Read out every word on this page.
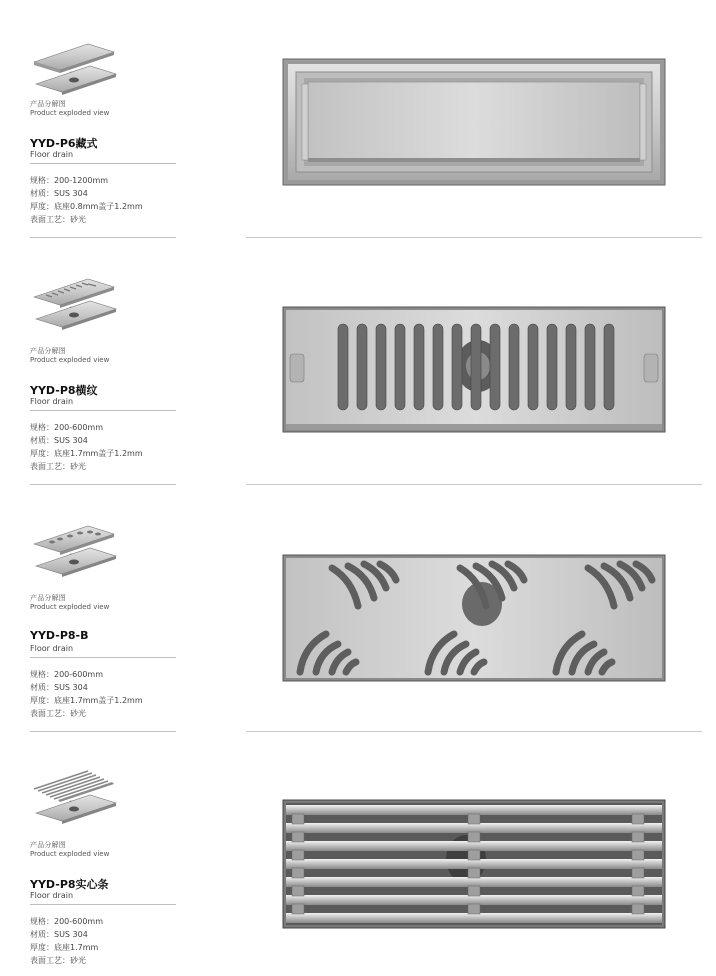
产品分解图
Product exploded view
YYD-P6藏式
Floor drain
规格：200-1200mm
材质：SUS 304
厚度：底座0.8mm盖子1.2mm
表面工艺：砂光
产品分解图
Product exploded view
YYD-P8横纹
Floor drain
规格：200-600mm
材质：SUS 304
厚度：底座1.7mm盖子1.2mm
表面工艺：砂光
产品分解图
Product exploded view
YYD-P8-B
Floor drain
规格：200-600mm
材质：SUS 304
厚度：底座1.7mm盖子1.2mm
表面工艺：砂光
产品分解图
Product exploded view
YYD-P8实心条
Floor drain
规格：200-600mm
材质：SUS 304
厚度：底座1.7mm
表面工艺：砂光
